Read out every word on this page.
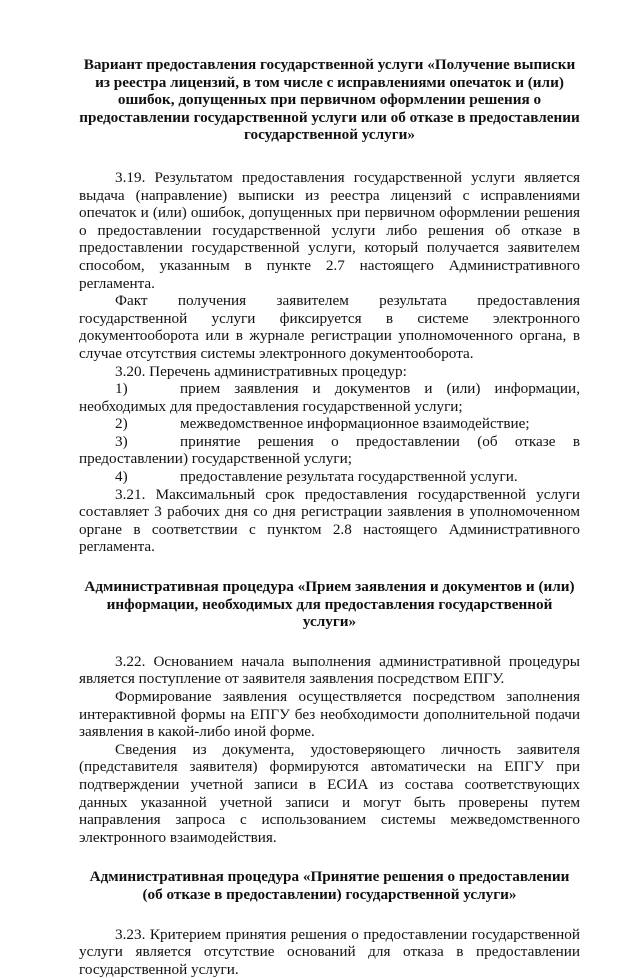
Вариант предоставления государственной услуги «Получение выписки из реестра лицензий, в том числе с исправлениями опечаток и (или) ошибок, допущенных при первичном оформлении решения о предоставлении государственной услуги или об отказе в предоставлении государственной услуги»

3.19. Результатом предоставления государственной услуги является выдача (направление) выписки из реестра лицензий с исправлениями опечаток и (или) ошибок, допущенных при первичном оформлении решения о предоставлении государственной услуги либо решения об отказе в предоставлении государственной услуги, который получается заявителем способом, указанным в пункте 2.7 настоящего Административного регламента.

Факт получения заявителем результата предоставления государственной услуги фиксируется в системе электронного документооборота или в журнале регистрации уполномоченного органа, в случае отсутствия системы электронного документооборота.

3.20. Перечень административных процедур:

1)	прием заявления и документов и (или) информации, необходимых для предоставления государственной услуги;

2)	межведомственное информационное взаимодействие;

3)	принятие решения о предоставлении (об отказе в предоставлении) государственной услуги;

4)	предоставление результата государственной услуги.

3.21. Максимальный срок предоставления государственной услуги составляет 3 рабочих дня со дня регистрации заявления в уполномоченном органе в соответствии с пунктом 2.8 настоящего Административного регламента.

Административная процедура «Прием заявления и документов и (или) информации, необходимых для предоставления государственной услуги»

3.22. Основанием начала выполнения административной процедуры является поступление от заявителя заявления посредством ЕПГУ.

Формирование заявления осуществляется посредством заполнения интерактивной формы на ЕПГУ без необходимости дополнительной подачи заявления в какой-либо иной форме.

Сведения из документа, удостоверяющего личность заявителя (представителя заявителя) формируются автоматически на ЕПГУ при подтверждении учетной записи в ЕСИА из состава соответствующих данных указанной учетной записи и могут быть проверены путем направления запроса с использованием системы межведомственного электронного взаимодействия.

Административная процедура «Принятие решения о предоставлении (об отказе в предоставлении) государственной услуги»

3.23. Критерием принятия решения о предоставлении государственной услуги является отсутствие оснований для отказа в предоставлении государственной услуги.
